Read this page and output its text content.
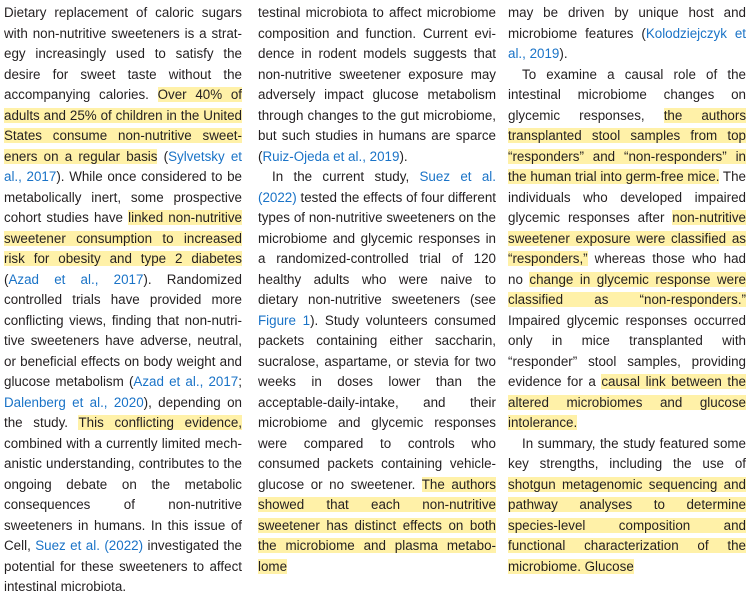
Dietary replacement of caloric sugars with non-nutritive sweeteners is a strategy increasingly used to satisfy the desire for sweet taste without the accompanying calories. Over 40% of adults and 25% of children in the United States consume non-nutritive sweeteners on a regular basis (Sylvetsky et al., 2017). While once considered to be metabolically inert, some prospective cohort studies have linked non-nutritive sweetener consumption to increased risk for obesity and type 2 diabetes (Azad et al., 2017). Randomized controlled trials have provided more conflicting views, finding that non-nutritive sweeteners have adverse, neutral, or beneficial effects on body weight and glucose metabolism (Azad et al., 2017; Dalenberg et al., 2020), depending on the study. This conflicting evidence, combined with a currently limited mechanistic understanding, contributes to the ongoing debate on the metabolic consequences of non-nutritive sweeteners in humans. In this issue of Cell, Suez et al. (2022) investigated the potential for these sweeteners to affect intestinal microbiota.

testinal microbiota to affect microbiome composition and function. Current evidence in rodent models suggests that non-nutritive sweetener exposure may adversely impact glucose metabolism through changes to the gut microbiome, but such studies in humans are sparce (Ruiz-Ojeda et al., 2019).

In the current study, Suez et al. (2022) tested the effects of four different types of non-nutritive sweeteners on the microbiome and glycemic responses in a randomized-controlled trial of 120 healthy adults who were naive to dietary non-nutritive sweeteners (see Figure 1). Study volunteers consumed packets containing either saccharin, sucralose, aspartame, or stevia for two weeks in doses lower than the acceptable-daily-intake, and their microbiome and glycemic responses were compared to controls who consumed packets containing vehicle-glucose or no sweetener. The authors showed that each non-nutritive sweetener has distinct effects on both the microbiome and plasma metabolome

may be driven by unique host and microbiome features (Kolodziejczyk et al., 2019).

To examine a causal role of the intestinal microbiome changes on glycemic responses, the authors transplanted stool samples from top “responders” and “non-responders” in the human trial into germ-free mice. The individuals who developed impaired glycemic responses after non-nutritive sweetener exposure were classified as “responders,” whereas those who had no change in glycemic response were classified as “non-responders.” Impaired glycemic responses occurred only in mice transplanted with “responder” stool samples, providing evidence for a causal link between the altered microbiomes and glucose intolerance.

In summary, the study featured some key strengths, including the use of shotgun metagenomic sequencing and pathway analyses to determine species-level composition and functional characterization of the microbiome. Glucose
